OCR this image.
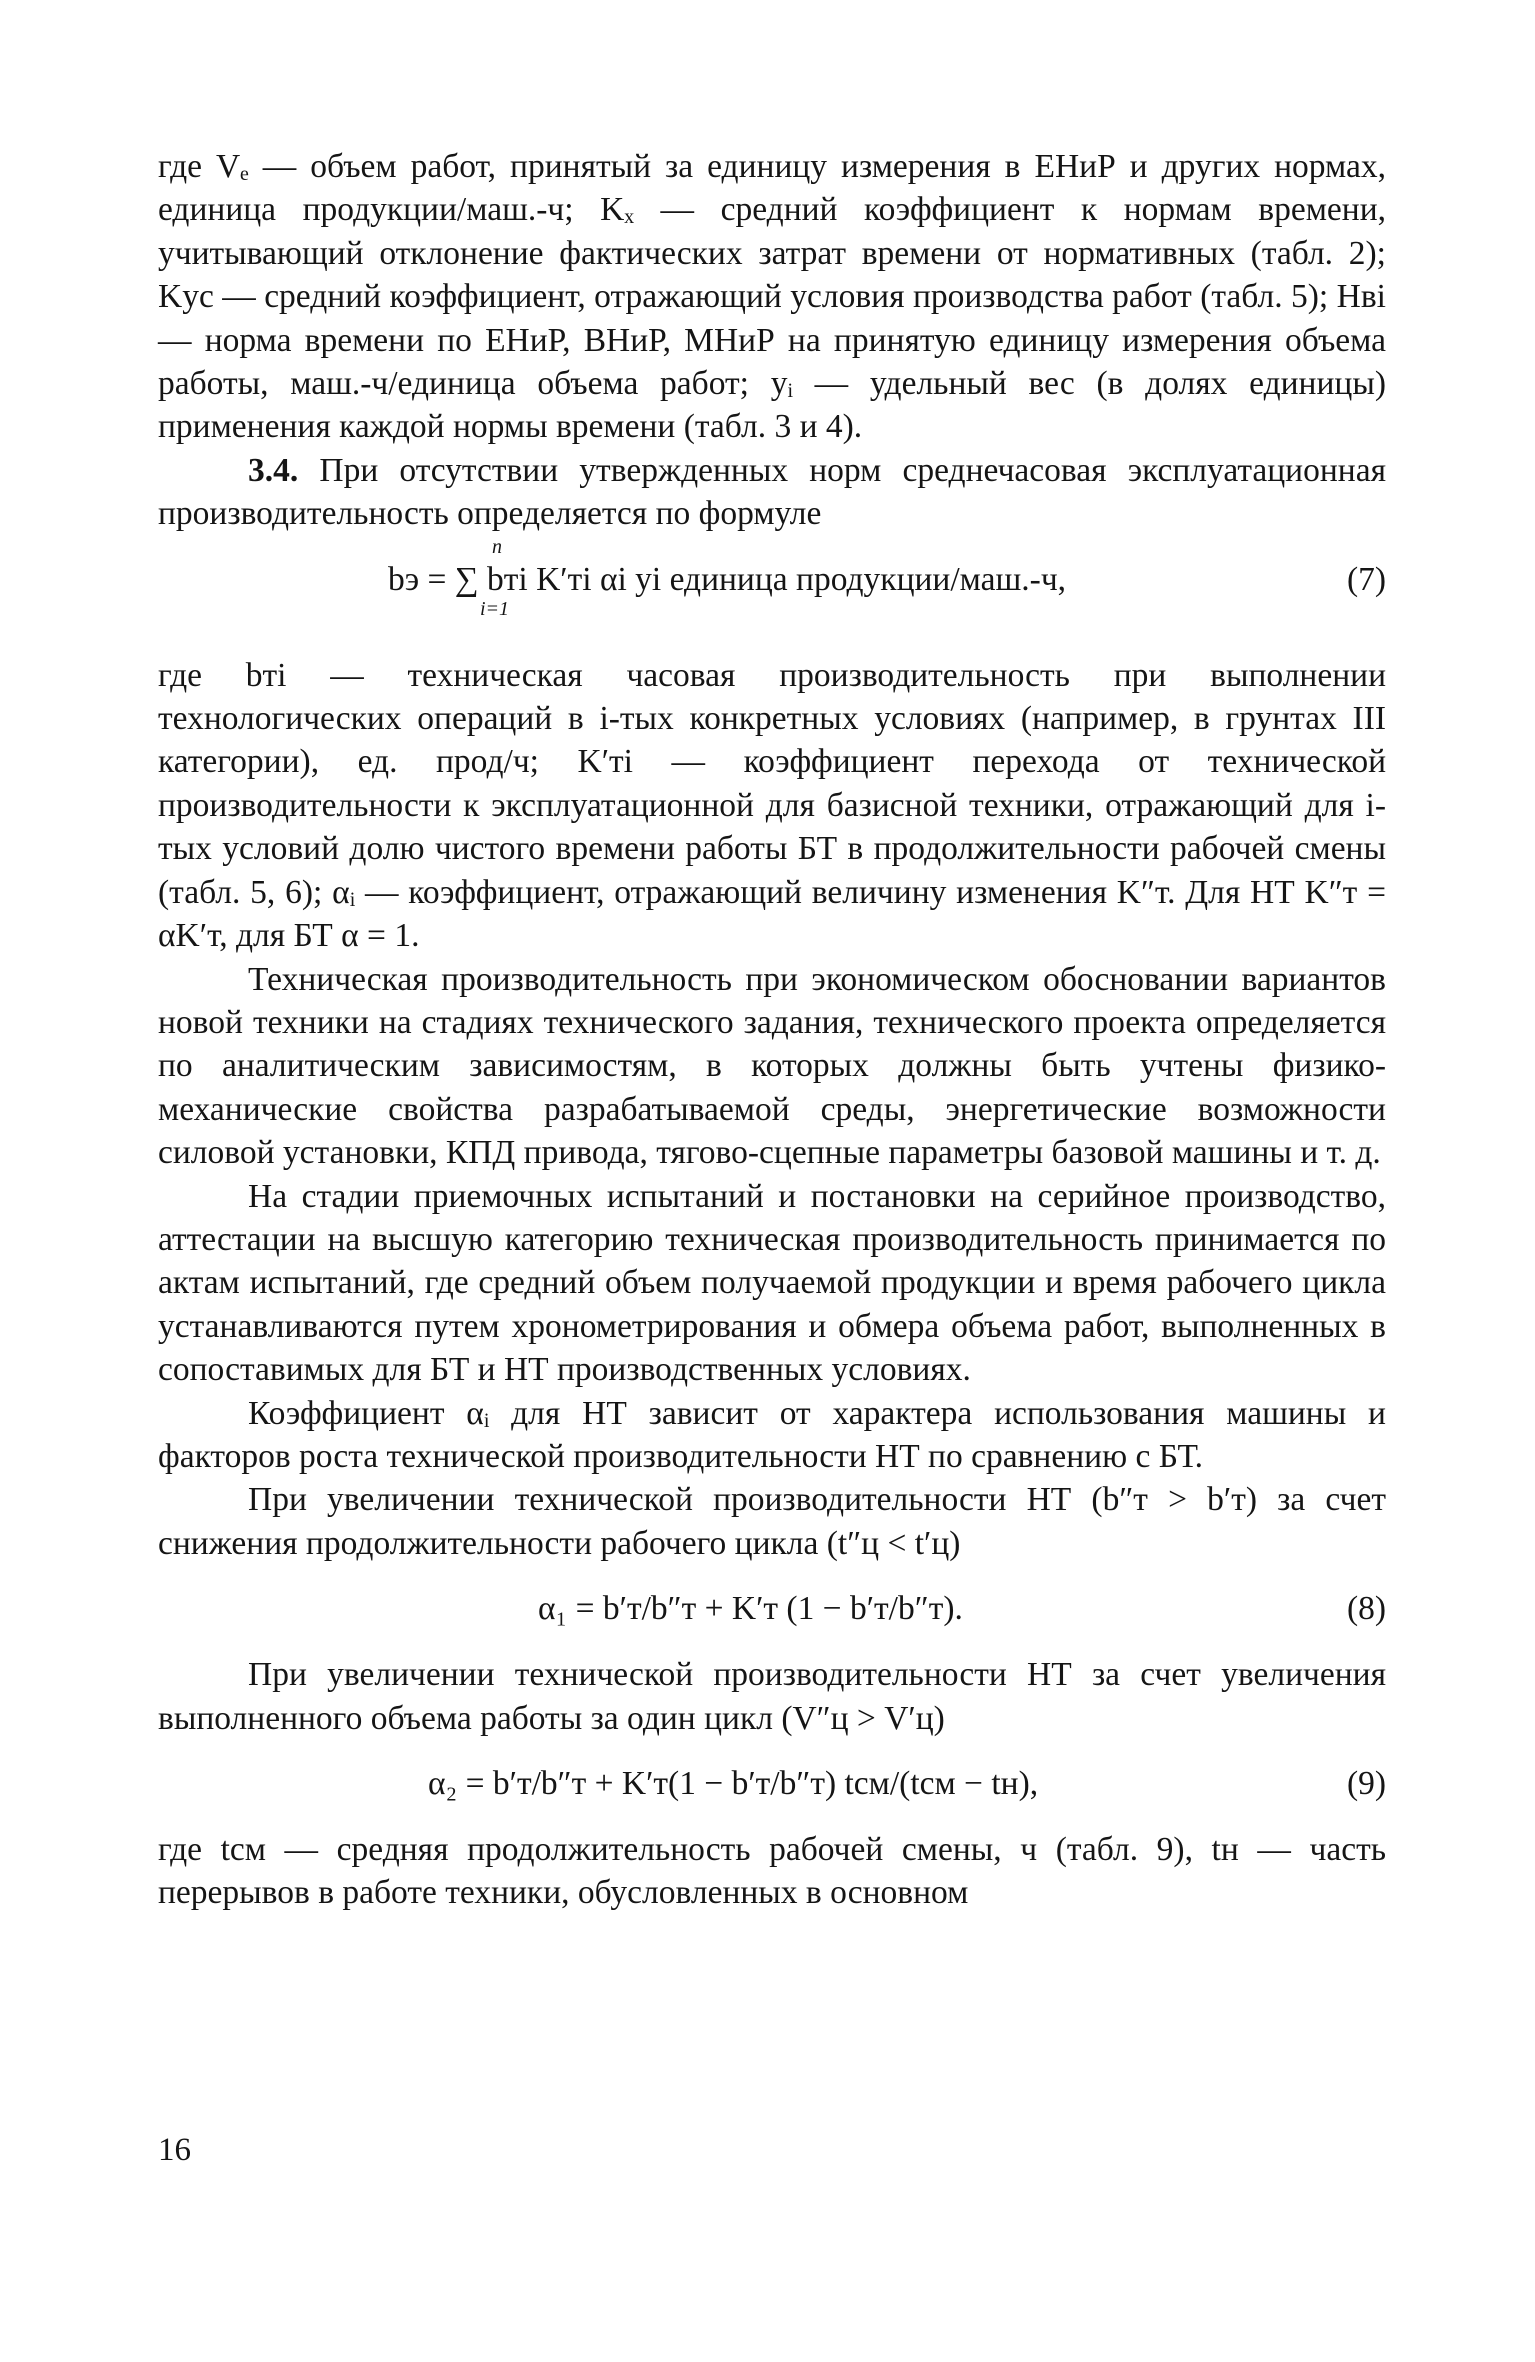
где Vₑ — объем работ, принятый за единицу измерения в ЕНиР и других нормах, единица продукции/маш.-ч; Kₓ — средний коэффициент к нормам времени, учитывающий отклонение фактических затрат времени от нормативных (табл. 2); Kус — средний коэффициент, отражающий условия производства работ (табл. 5); Hвi — норма времени по ЕНиР, ВНиР, МНиР на принятую единицу измерения объема работы, маш.-ч/единица объема работ; yᵢ — удельный вес (в долях единицы) применения каждой нормы времени (табл. 3 и 4).

3.4. При отсутствии утвержденных норм среднечасовая эксплуатационная производительность определяется по формуле

n
bэ = ∑ bтi K′тi αi yi единица продукции/маш.-ч,
i=1
(7)

где bтi — техническая часовая производительность при выполнении технологических операций в i-тых конкретных условиях (например, в грунтах III категории), ед. прод/ч; K′тi — коэффициент перехода от технической производительности к эксплуатационной для базисной техники, отражающий для i-тых условий долю чистого времени работы БТ в продолжительности рабочей смены (табл. 5, 6); αᵢ — коэффициент, отражающий величину изменения K″т. Для НТ K″т = αK′т, для БТ α = 1.

Техническая производительность при экономическом обосновании вариантов новой техники на стадиях технического задания, технического проекта определяется по аналитическим зависимостям, в которых должны быть учтены физико-механические свойства разрабатываемой среды, энергетические возможности силовой установки, КПД привода, тягово-сцепные параметры базовой машины и т. д.

На стадии приемочных испытаний и постановки на серийное производство, аттестации на высшую категорию техническая производительность принимается по актам испытаний, где средний объем получаемой продукции и время рабочего цикла устанавливаются путем хронометрирования и обмера объема работ, выполненных в сопоставимых для БТ и НТ производственных условиях.

Коэффициент αᵢ для НТ зависит от характера использования машины и факторов роста технической производительности НТ по сравнению с БТ.

При увеличении технической производительности НТ (b″т > b′т) за счет снижения продолжительности рабочего цикла (t″ц < t′ц)

α₁ = b′т/b″т + K′т (1 − b′т/b″т).	(8)

При увеличении технической производительности НТ за счет увеличения выполненного объема работы за один цикл (V″ц > V′ц)

α₂ = b′т/b″т + K′т(1 − b′т/b″т) tсм/(tсм − tн),	(9)

где tсм — средняя продолжительность рабочей смены, ч (табл. 9), tн — часть перерывов в работе техники, обусловленных в основном

16
